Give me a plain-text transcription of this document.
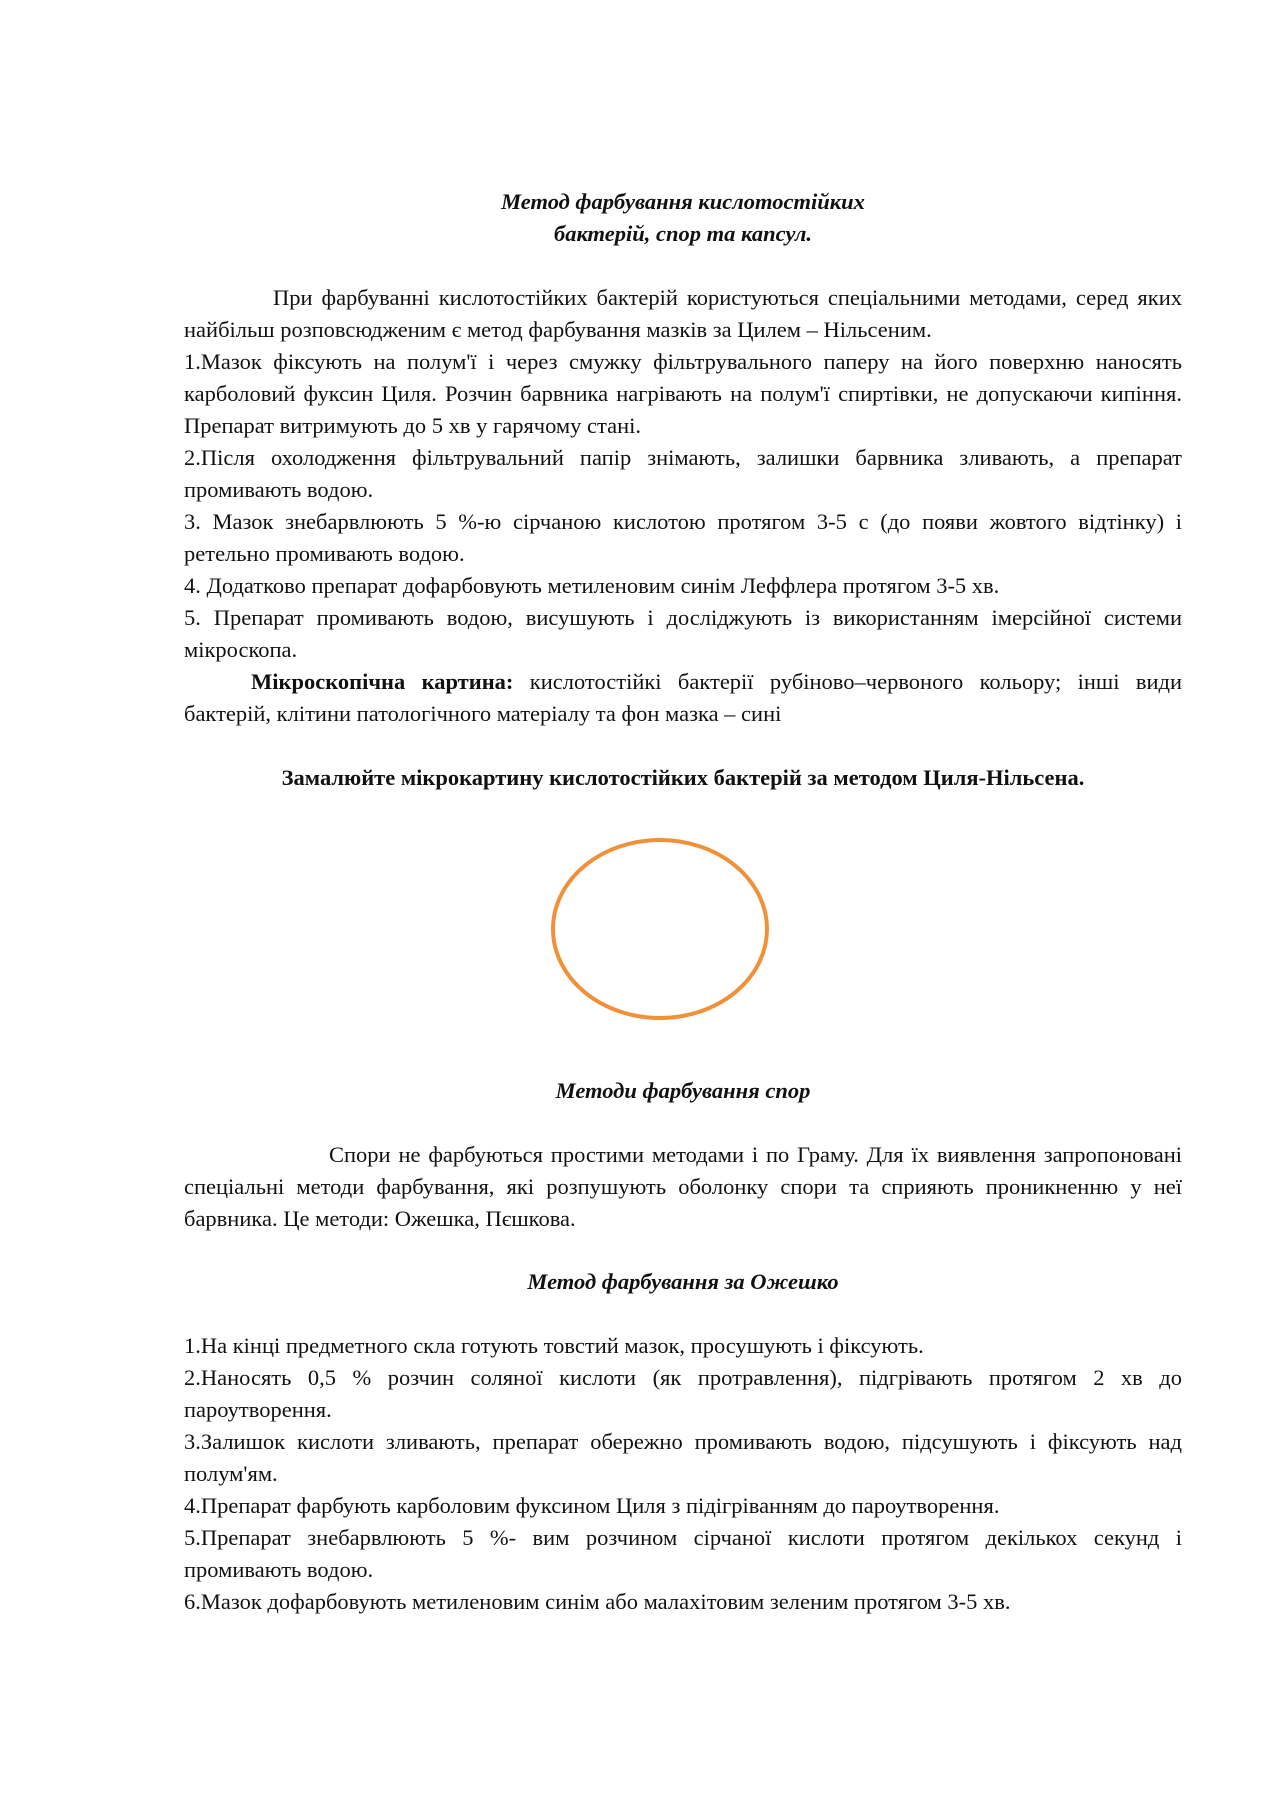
Метод фарбування кислотостійких

бактерій, спор та капсул.

При фарбуванні кислотостійких бактерій користуються спеціальними методами, серед яких найбільш розповсюдженим є метод фарбування мазків за Цилем – Нільсеним.

1.Мазок фіксують на полум'ї і через смужку фільтрувального паперу на його поверхню наносять карболовий фуксин Циля. Розчин барвника нагрівають на полум'ї спиртівки, не допускаючи кипіння. Препарат витримують до 5 хв у гарячому стані.

2.Після охолодження фільтрувальний папір знімають, залишки барвника зливають, а препарат промивають водою.

3. Мазок знебарвлюють 5 %-ю сірчаною кислотою протягом 3-5 с (до появи жовтого відтінку) і ретельно промивають водою.

4. Додатково препарат дофарбовують метиленовим синім Леффлера протягом 3-5 хв.

5. Препарат промивають водою, висушують і досліджують із використанням імерсійної системи мікроскопа.

Мікроскопічна картина: кислотостійкі бактерії рубіново–червоного кольору; інші види бактерій, клітини патологічного матеріалу та фон мазка – сині

Замалюйте мікрокартину кислотостійких бактерій за методом Циля-Нільсена.

Методи фарбування спор

Спори не фарбуються простими методами і по Граму. Для їх виявлення запропоновані спеціальні методи фарбування, які розпушують оболонку спори та сприяють проникненню у неї барвника. Це методи: Ожешка, Пєшкова.

Метод фарбування за Ожешко

1.На кінці предметного скла готують товстий мазок, просушують і фіксують.

2.Наносять 0,5 % розчин соляної кислоти (як протравлення), підгрівають протягом 2 хв до пароутворення.

3.Залишок кислоти зливають, препарат обережно промивають водою, підсушують і фіксують над полум'ям.

4.Препарат фарбують карболовим фуксином Циля з підігріванням до пароутворення.

5.Препарат знебарвлюють 5 %- вим розчином сірчаної кислоти протягом декількох секунд і промивають водою.

6.Мазок дофарбовують метиленовим синім або малахітовим зеленим протягом 3-5 хв.
